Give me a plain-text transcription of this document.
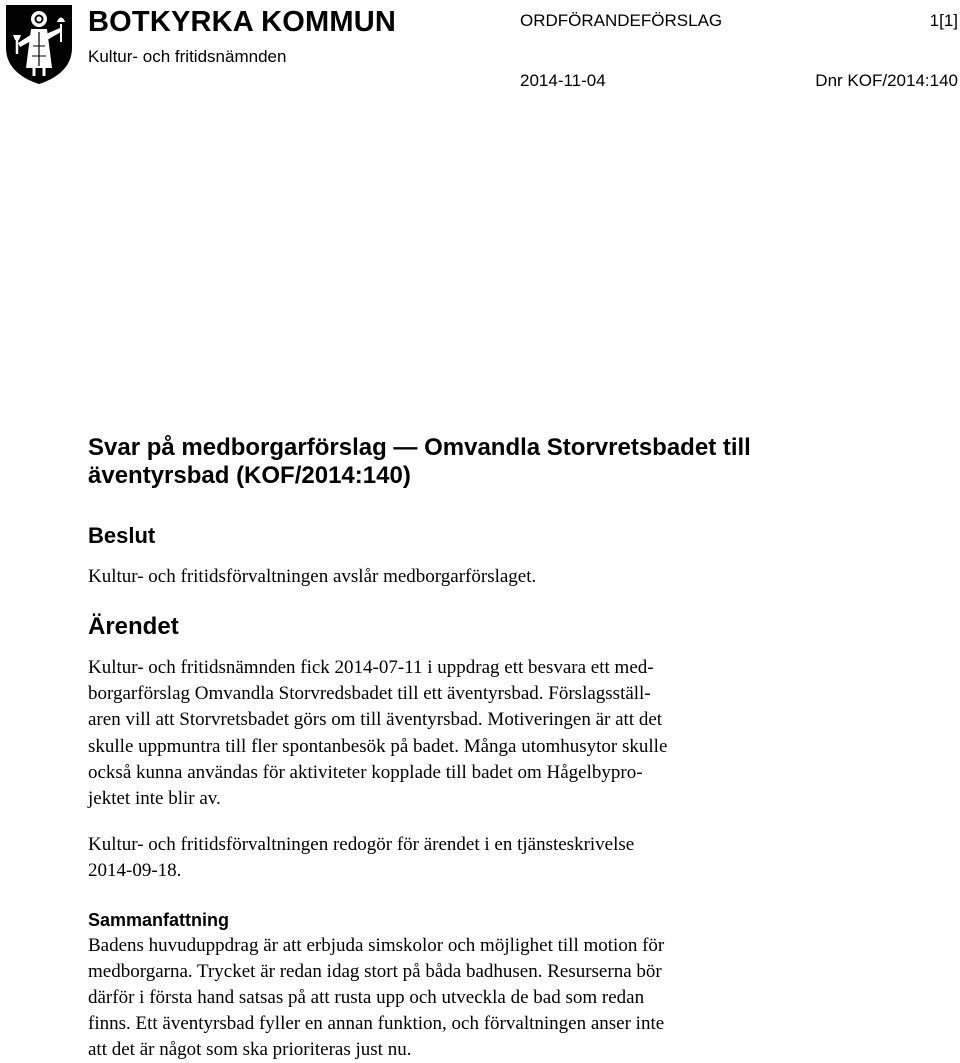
BOTKYRKA KOMMUN
Kultur- och fritidsnämnden
ORDFÖRANDEFÖRSLAG	1[1]
2014-11-04	Dnr KOF/2014:140
Svar på medborgarförslag — Omvandla Storvretsbadet till
äventyrsbad (KOF/2014:140)
Beslut
Kultur- och fritidsförvaltningen avslår medborgarförslaget.
Ärendet
Kultur- och fritidsnämnden fick 2014-07-11 i uppdrag ett besvara ett med-
borgarförslag Omvandla Storvredsbadet till ett äventyrsbad. Förslagsställ-
aren vill att Storvretsbadet görs om till äventyrsbad. Motiveringen är att det
skulle uppmuntra till fler spontanbesök på badet. Många utomhusytor skulle
också kunna användas för aktiviteter kopplade till badet om Hågelbypro-
jektet inte blir av.
Kultur- och fritidsförvaltningen redogör för ärendet i en tjänsteskrivelse
2014-09-18.
Sammanfattning
Badens huvuduppdrag är att erbjuda simskolor och möjlighet till motion för
medborgarna. Trycket är redan idag stort på båda badhusen. Resurserna bör
därför i första hand satsas på att rusta upp och utveckla de bad som redan
finns. Ett äventyrsbad fyller en annan funktion, och förvaltningen anser inte
att det är något som ska prioriteras just nu.
